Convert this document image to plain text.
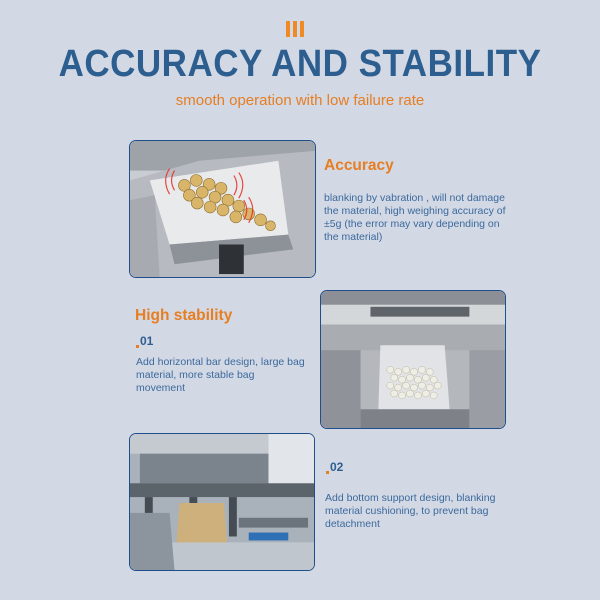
ACCURACY AND STABILITY
smooth operation with low failure rate
Accuracy
blanking by vabration , will not damage the material, high weighing accuracy of ±5g (the error may vary depending on the material)
High stability
01
Add horizontal bar design, large bag material, more stable bag movement
02
Add bottom support design, blanking material cushioning, to prevent bag detachment
